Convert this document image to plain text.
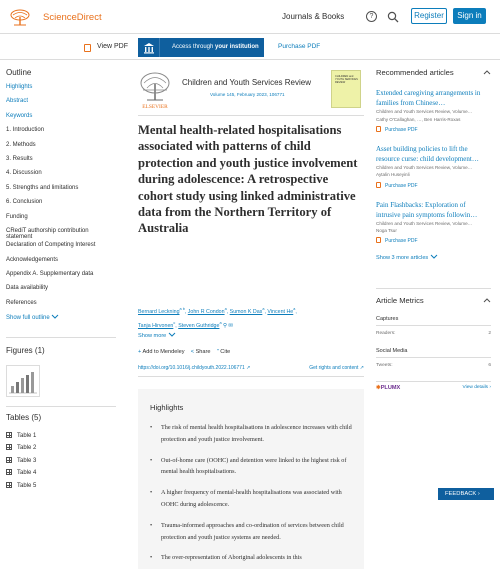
ScienceDirect	Journals & Books	?	Register	Sign in
View PDF	Access through your institution	Purchase PDF
Outline
Highlights
Abstract
Keywords
1. Introduction
2. Methods
3. Results
4. Discussion
5. Strengths and limitations
6. Conclusion
Funding
CRediT authorship contribution statement
Declaration of Competing Interest
Acknowledgements
Appendix A. Supplementary data
Data availability
References
Show full outline
Figures (1)
Tables (5)
Table 1
Table 2
Table 3
Table 4
Table 5
ELSEVIER
Children and Youth Services Review
Volume 145, February 2023, 106771
CHILDREN and YOUTH SERVICES REVIEW
Mental health-related hospitalisations associated with patterns of child protection and youth justice involvement during adolescence: A retrospective cohort study using linked administrative data from the Northern Territory of Australia
Bernard Leckning$^{a b}$, John R Condon$^a$, Sumon K Das$^a$, Vincent He$^a$,
Tanja Hirvonen$^c$, Steven Guthridge$^a$ ⚲ ✉
Show more
+ Add to Mendeley < Share " Cite
https://doi.org/10.1016/j.childyouth.2022.106771 ↗	Get rights and content ↗
Highlights
• The risk of mental health hospitalisations in adolescence increases with child protection and youth justice involvement.
• Out-of-home care (OOHC) and detention were linked to the highest risk of mental health hospitalisations.
• A higher frequency of mental-health hospitalisations was associated with OOHC during adolescence.
• Trauma-informed approaches and co-ordination of services between child protection and youth justice systems are needed.
• The over-representation of Aboriginal adolescents in this
Recommended articles
Extended caregiving arrangements in families from Chinese…
Children and Youth Services Review, Volume…
Cathy O'Callaghan, …, Ben Harris-Roxas
Purchase PDF
Asset building policies to lift the resource curse: child development…
Children and Youth Services Review, Volume…
Aytalin Huseyinli
Purchase PDF
Pain Flashbacks: Exploration of intrusive pain symptoms followin…
Children and Youth Services Review, Volume…
Noga Tsur
Purchase PDF
Show 3 more articles
Article Metrics
Captures
Readers:	2
Social Media
Tweets:	6
✱PLUMX	View details ›
FEEDBACK ›
